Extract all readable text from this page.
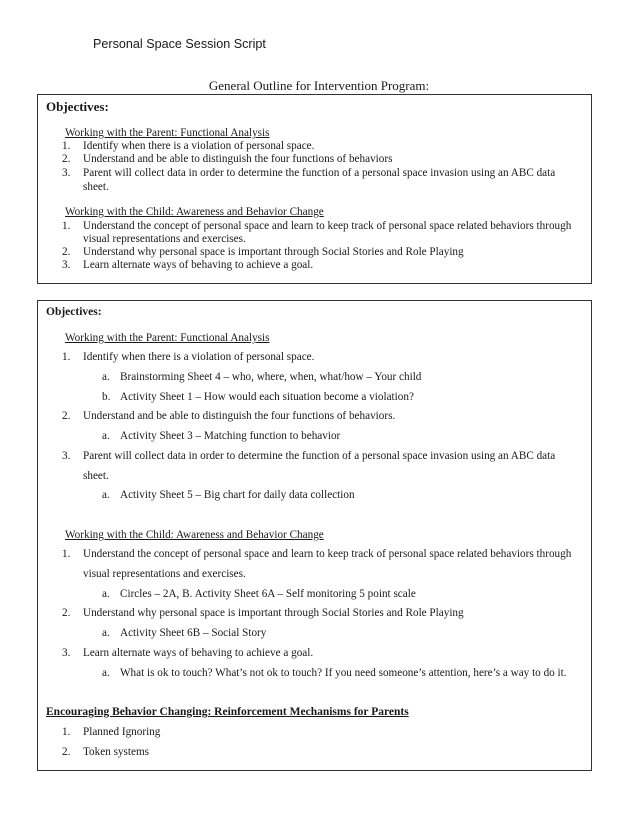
Personal Space Session Script
General Outline for Intervention Program:
Objectives:
Working with the Parent: Functional Analysis
1. Identify when there is a violation of personal space.
2. Understand and be able to distinguish the four functions of behaviors
3. Parent will collect data in order to determine the function of a personal space invasion using an ABC data
sheet.
Working with the Child: Awareness and Behavior Change
1. Understand the concept of personal space and learn to keep track of personal space related behaviors through
visual representations and exercises.
2. Understand why personal space is important through Social Stories and Role Playing
3. Learn alternate ways of behaving to achieve a goal.
Objectives:
Working with the Parent: Functional Analysis
1. Identify when there is a violation of personal space.
a. Brainstorming Sheet 4 – who, where, when, what/how – Your child
b. Activity Sheet 1 – How would each situation become a violation?
2. Understand and be able to distinguish the four functions of behaviors.
a. Activity Sheet 3 – Matching function to behavior
3. Parent will collect data in order to determine the function of a personal space invasion using an ABC data
sheet.
a. Activity Sheet 5 – Big chart for daily data collection
Working with the Child: Awareness and Behavior Change
1. Understand the concept of personal space and learn to keep track of personal space related behaviors through
visual representations and exercises.
a. Circles – 2A, B. Activity Sheet 6A – Self monitoring 5 point scale
2. Understand why personal space is important through Social Stories and Role Playing
a. Activity Sheet 6B – Social Story
3. Learn alternate ways of behaving to achieve a goal.
a. What is ok to touch? What’s not ok to touch? If you need someone’s attention, here’s a way to do it.
Encouraging Behavior Changing: Reinforcement Mechanisms for Parents
1. Planned Ignoring
2. Token systems
